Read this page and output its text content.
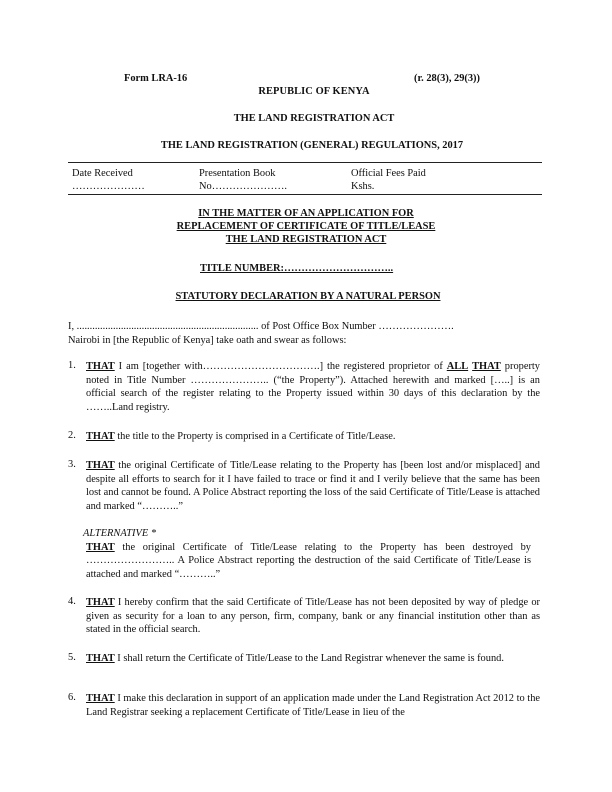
Form LRA-16	(r. 28(3), 29(3))
REPUBLIC OF KENYA
THE LAND REGISTRATION ACT
THE LAND REGISTRATION (GENERAL) REGULATIONS, 2017
Date Received
…………………
Presentation Book
No………………….
Official Fees Paid
Kshs.
IN THE MATTER OF AN APPLICATION FOR
REPLACEMENT OF CERTIFICATE OF TITLE/LEASE
THE LAND REGISTRATION ACT
TITLE NUMBER:…………………………..
STATUTORY DECLARATION BY A NATURAL PERSON
I, ...................................................................... of Post Office Box Number ………………….
Nairobi in [the Republic of Kenya] take oath and swear as follows:
1. THAT I am [together with…………………………….] the registered proprietor of ALL THAT property noted in Title Number ………………….. (“the Property”). Attached herewith and marked […..] is an official search of the register relating to the Property issued within 30 days of this declaration by the ……..Land registry.
2. THAT the title to the Property is comprised in a Certificate of Title/Lease.
3. THAT the original Certificate of Title/Lease relating to the Property has [been lost and/or misplaced] and despite all efforts to search for it I have failed to trace or find it and I verily believe that the same has been lost and cannot be found. A Police Abstract reporting the loss of the said Certificate of Title/Lease is attached and marked “………..”
ALTERNATIVE *
THAT the original Certificate of Title/Lease relating to the Property has been destroyed by …………………….. A Police Abstract reporting the destruction of the said Certificate of Title/Lease is attached and marked “………..”
4. THAT I hereby confirm that the said Certificate of Title/Lease has not been deposited by way of pledge or given as security for a loan to any person, firm, company, bank or any financial institution other than as stated in the official search.
5. THAT I shall return the Certificate of Title/Lease to the Land Registrar whenever the same is found.
6. THAT I make this declaration in support of an application made under the Land Registration Act 2012 to the Land Registrar seeking a replacement Certificate of Title/Lease in lieu of the
